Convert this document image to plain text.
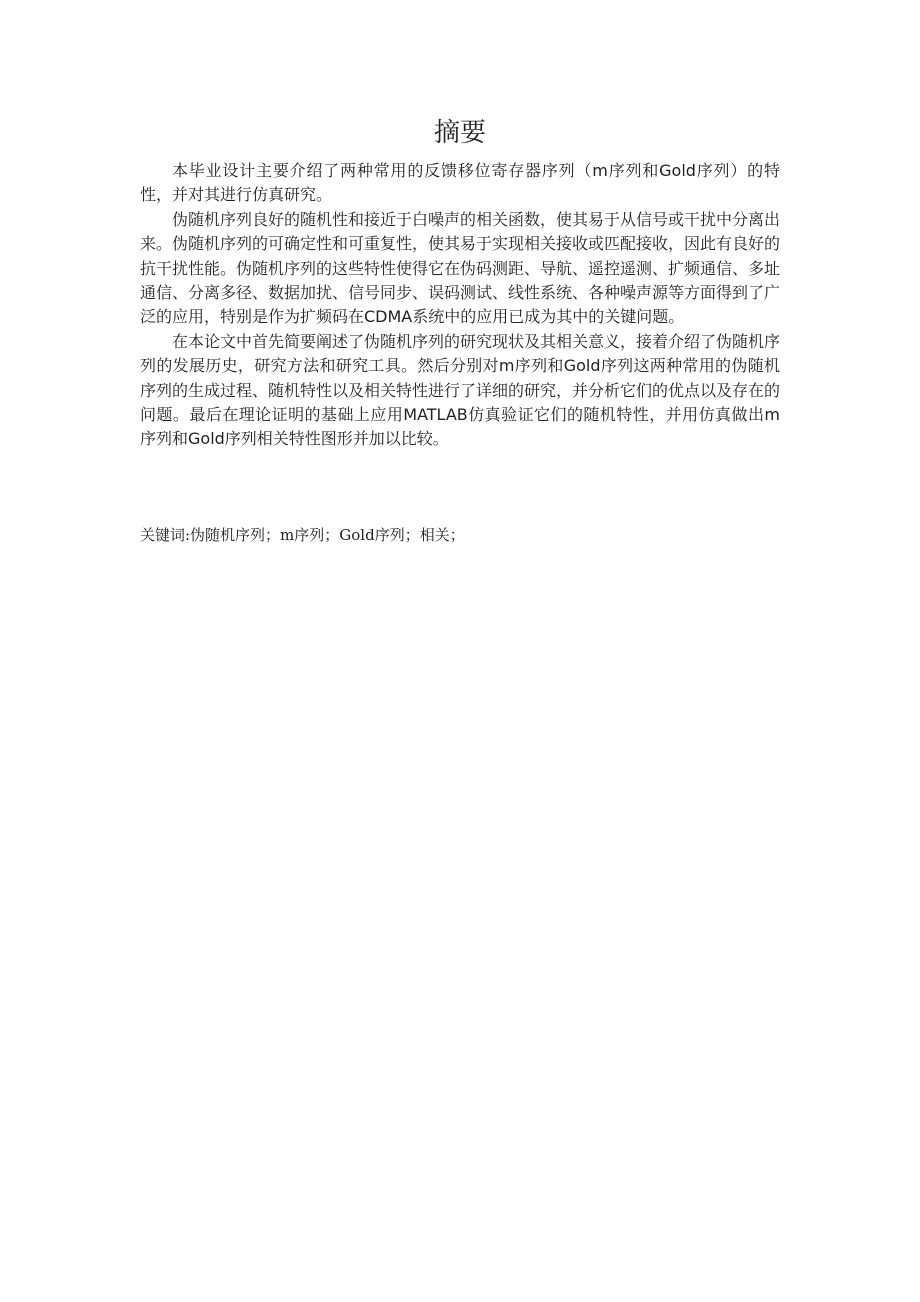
摘要

本毕业设计主要介绍了两种常用的反馈移位寄存器序列（m序列和Gold序列）的特性，并对其进行仿真研究。

伪随机序列良好的随机性和接近于白噪声的相关函数，使其易于从信号或干扰中分离出来。伪随机序列的可确定性和可重复性，使其易于实现相关接收或匹配接收，因此有良好的抗干扰性能。伪随机序列的这些特性使得它在伪码测距、导航、遥控遥测、扩频通信、多址通信、分离多径、数据加扰、信号同步、误码测试、线性系统、各种噪声源等方面得到了广泛的应用，特别是作为扩频码在CDMA系统中的应用已成为其中的关键问题。

在本论文中首先简要阐述了伪随机序列的研究现状及其相关意义，接着介绍了伪随机序列的发展历史，研究方法和研究工具。然后分别对m序列和Gold序列这两种常用的伪随机序列的生成过程、随机特性以及相关特性进行了详细的研究，并分析它们的优点以及存在的问题。最后在理论证明的基础上应用MATLAB仿真验证它们的随机特性，并用仿真做出m序列和Gold序列相关特性图形并加以比较。

关键词:伪随机序列；m序列；Gold序列；相关；
